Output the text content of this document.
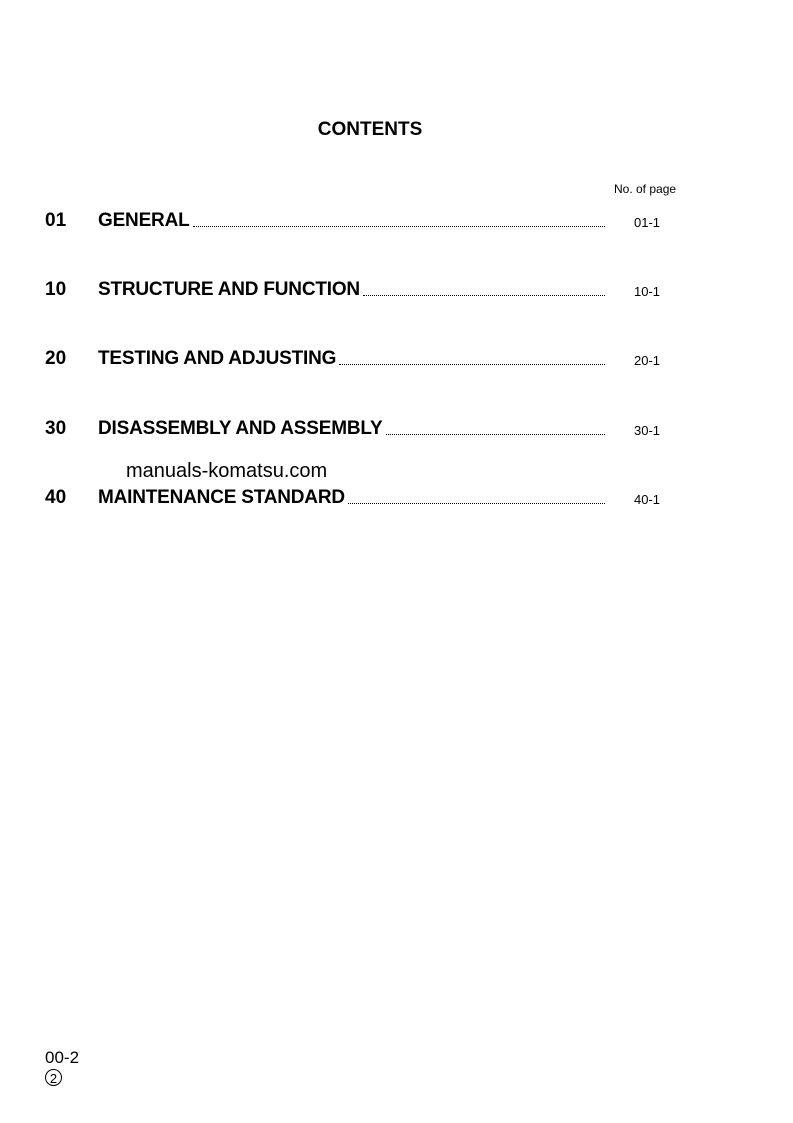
CONTENTS
No. of page
01	GENERAL	01-1
10	STRUCTURE AND FUNCTION	10-1
20	TESTING AND ADJUSTING	20-1
30	DISASSEMBLY AND ASSEMBLY	30-1
manuals-komatsu.com
40	MAINTENANCE STANDARD	40-1
00-2
2
